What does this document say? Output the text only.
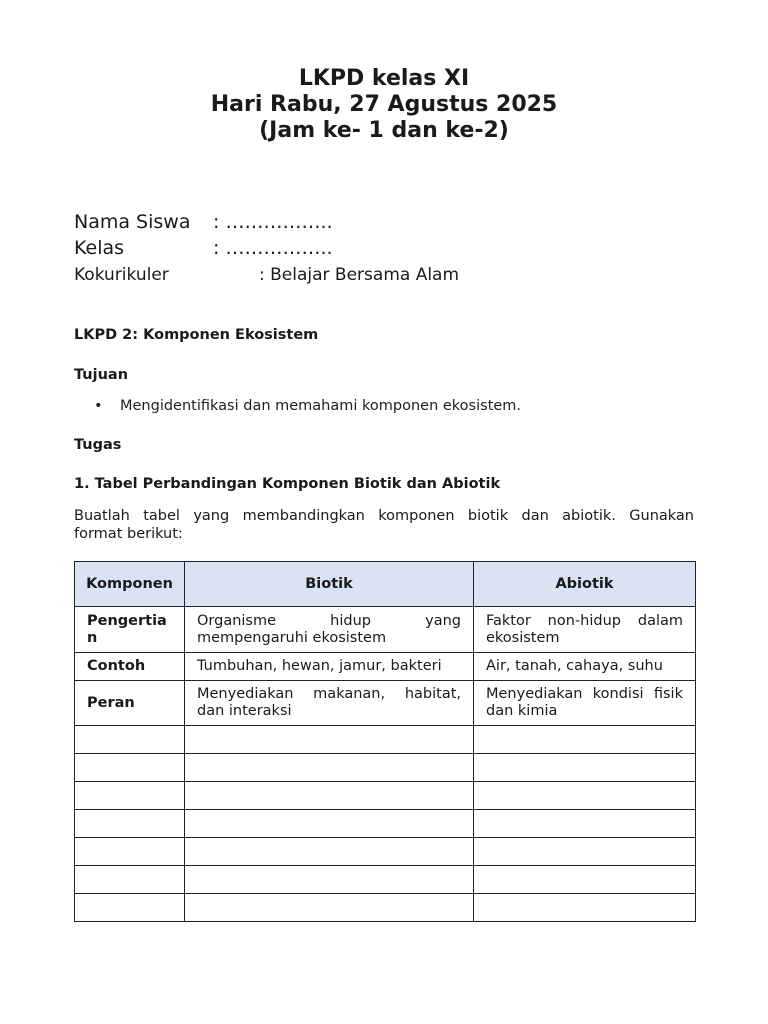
LKPD kelas XI
Hari Rabu, 27 Agustus 2025
(Jam ke- 1 dan ke-2)
Nama Siswa : ……………..
Kelas	: ……………..
Kokurikuler	: Belajar Bersama Alam
LKPD 2: Komponen Ekosistem
Tujuan
• Mengidentifikasi dan memahami komponen ekosistem.
Tugas
1. Tabel Perbandingan Komponen Biotik dan Abiotik
Buatlah tabel yang membandingkan komponen biotik dan abiotik. Gunakan
format berikut:
Komponen	Biotik	Abiotik
Pengertian	Organisme hidup yang mempengaruhi ekosistem	Faktor non-hidup dalam ekosistem
Contoh	Tumbuhan, hewan, jamur, bakteri	Air, tanah, cahaya, suhu
Peran	Menyediakan makanan, habitat, dan interaksi	Menyediakan kondisi fisik dan kimia
